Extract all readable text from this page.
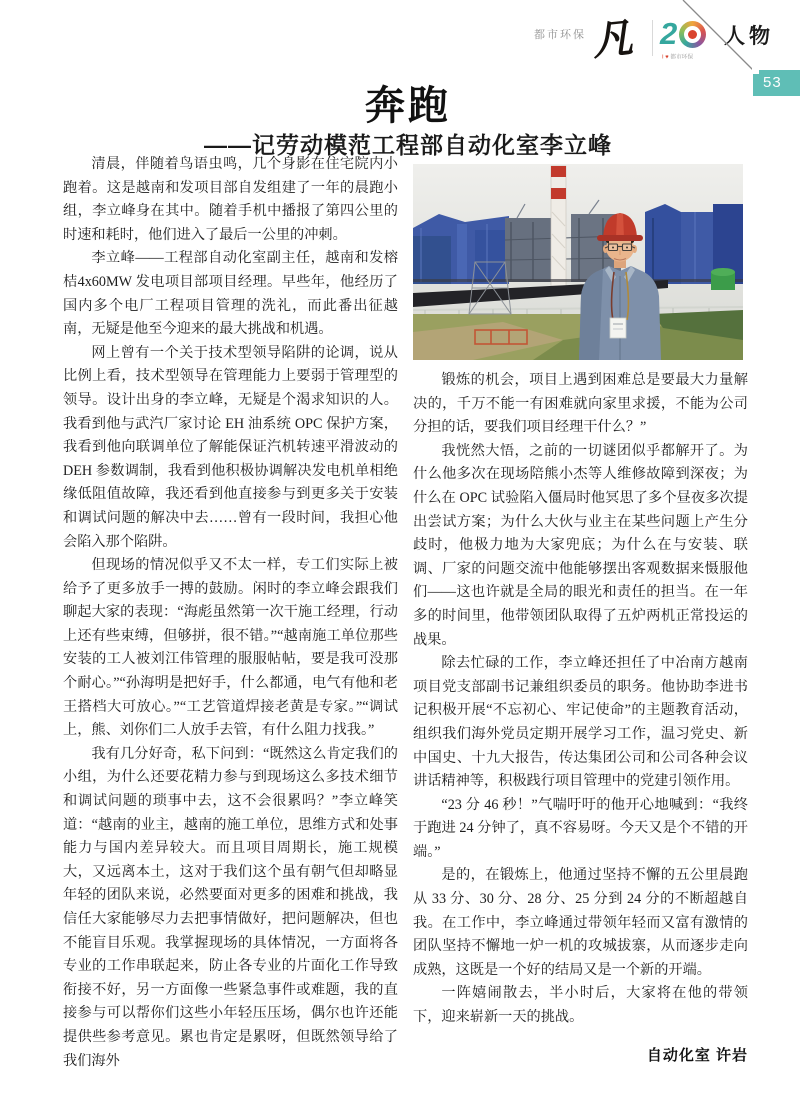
都市环保 凡 2
I ♥ 都市环保
人物
53
奔跑
——记劳动模范工程部自动化室李立峰

清晨，伴随着鸟语虫鸣，几个身影在住宅院内小跑着。这是越南和发项目部自发组建了一年的晨跑小组，李立峰身在其中。随着手机中播报了第四公里的时速和耗时，他们进入了最后一公里的冲刺。

李立峰——工程部自动化室副主任，越南和发榕桔4x60MW 发电项目部项目经理。早些年，他经历了国内多个电厂工程项目管理的洗礼，而此番出征越南，无疑是他至今迎来的最大挑战和机遇。

网上曾有一个关于技术型领导陷阱的论调，说从比例上看，技术型领导在管理能力上要弱于管理型的领导。设计出身的李立峰，无疑是个渴求知识的人。我看到他与武汽厂家讨论 EH 油系统 OPC 保护方案，我看到他向联调单位了解能保证汽机转速平滑波动的 DEH 参数调制，我看到他积极协调解决发电机单相绝缘低阻值故障，我还看到他直接参与到更多关于安装和调试问题的解决中去……曾有一段时间，我担心他会陷入那个陷阱。

但现场的情况似乎又不太一样，专工们实际上被给予了更多放手一搏的鼓励。闲时的李立峰会跟我们聊起大家的表现：“海彪虽然第一次干施工经理，行动上还有些束缚，但够拼，很不错。”“越南施工单位那些安装的工人被刘江伟管理的服服帖帖，要是我可没那个耐心。”“孙海明是把好手，什么都通，电气有他和老王搭档大可放心。”“工艺管道焊接老黄是专家。”“调试上，熊、刘你们二人放手去管，有什么阻力找我。”

我有几分好奇，私下问到：“既然这么肯定我们的小组，为什么还要花精力参与到现场这么多技术细节和调试问题的琐事中去，这不会很累吗？”李立峰笑道：“越南的业主，越南的施工单位，思维方式和处事能力与国内差异较大。而且项目周期长，施工规模大，又远离本土，这对于我们这个虽有朝气但却略显年轻的团队来说，必然要面对更多的困难和挑战，我信任大家能够尽力去把事情做好，把问题解决，但也不能盲目乐观。我掌握现场的具体情况，一方面将各专业的工作串联起来，防止各专业的片面化工作导致衔接不好，另一方面像一些紧急事件或难题，我的直接参与可以帮你们这些小年轻压压场，偶尔也许还能提供些参考意见。累也肯定是累呀，但既然领导给了我们海外

锻炼的机会，项目上遇到困难总是要最大力量解决的，千万不能一有困难就向家里求援，不能为公司分担的话，要我们项目经理干什么？”

我恍然大悟，之前的一切谜团似乎都解开了。为什么他多次在现场陪熊小杰等人维修故障到深夜；为什么在 OPC 试验陷入僵局时他冥思了多个昼夜多次提出尝试方案；为什么大伙与业主在某些问题上产生分歧时，他极力地为大家兜底；为什么在与安装、联调、厂家的问题交流中他能够摆出客观数据来慑服他们——这也许就是全局的眼光和责任的担当。在一年多的时间里，他带领团队取得了五炉两机正常投运的战果。

除去忙碌的工作，李立峰还担任了中冶南方越南项目党支部副书记兼组织委员的职务。他协助李进书记积极开展“不忘初心、牢记使命”的主题教育活动，组织我们海外党员定期开展学习工作，温习党史、新中国史、十九大报告，传达集团公司和公司各种会议讲话精神等，积极践行项目管理中的党建引领作用。

“23 分 46 秒！”气喘吁吁的他开心地喊到：“我终于跑进 24 分钟了，真不容易呀。今天又是个不错的开端。”

是的，在锻炼上，他通过坚持不懈的五公里晨跑从 33 分、30 分、28 分、25 分到 24 分的不断超越自我。在工作中，李立峰通过带领年轻而又富有激情的团队坚持不懈地一炉一机的攻城拔寨，从而逐步走向成熟，这既是一个好的结局又是一个新的开端。

一阵嬉闹散去，半小时后，大家将在他的带领下，迎来崭新一天的挑战。

自动化室 许岩
